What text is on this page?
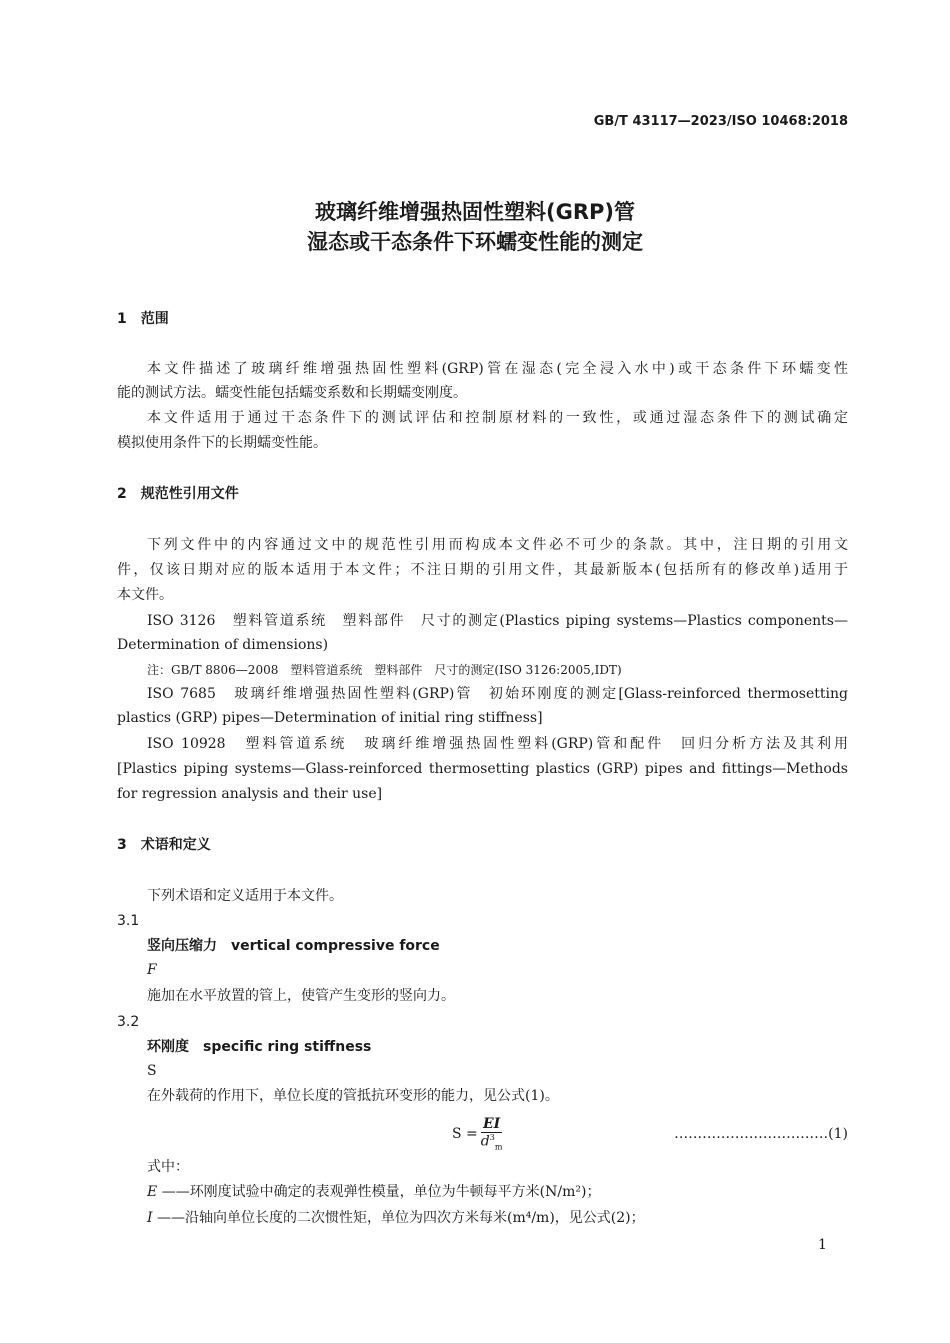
GB/T 43117—2023/ISO 10468:2018
玻璃纤维增强热固性塑料(GRP)管
湿态或干态条件下环蠕变性能的测定
1　范围
本文件描述了玻璃纤维增强热固性塑料(GRP)管在湿态(完全浸入水中)或干态条件下环蠕变性
能的测试方法。蠕变性能包括蠕变系数和长期蠕变刚度。
本文件适用于通过干态条件下的测试评估和控制原材料的一致性，或通过湿态条件下的测试确定
模拟使用条件下的长期蠕变性能。
2　规范性引用文件
下列文件中的内容通过文中的规范性引用而构成本文件必不可少的条款。其中，注日期的引用文
件，仅该日期对应的版本适用于本文件；不注日期的引用文件，其最新版本(包括所有的修改单)适用于
本文件。
ISO 3126　塑料管道系统　塑料部件　尺寸的测定(Plastics piping systems—Plastics components—
Determination of dimensions)
注：GB/T 8806—2008　塑料管道系统　塑料部件　尺寸的测定(ISO 3126:2005,IDT)
ISO 7685　玻璃纤维增强热固性塑料(GRP)管　初始环刚度的测定[Glass-reinforced thermosetting
plastics (GRP) pipes—Determination of initial ring stiffness]
ISO 10928　塑料管道系统　玻璃纤维增强热固性塑料(GRP)管和配件　回归分析方法及其利用
[Plastics piping systems—Glass-reinforced thermosetting plastics (GRP) pipes and fittings—Methods
for regression analysis and their use]
3　术语和定义
下列术语和定义适用于本文件。
3.1
竖向压缩力　vertical compressive force
F
施加在水平放置的管上，使管产生变形的竖向力。
3.2
环刚度　specific ring stiffness
S
在外载荷的作用下，单位长度的管抵抗环变形的能力，见公式(1)。
$S = \frac{EI}{d^3_m}$	……………………………(1)
式中：
E ——环刚度试验中确定的表观弹性模量，单位为牛顿每平方米(N/m²)；
I ——沿轴向单位长度的二次惯性矩，单位为四次方米每米(m⁴/m)，见公式(2)；
1
